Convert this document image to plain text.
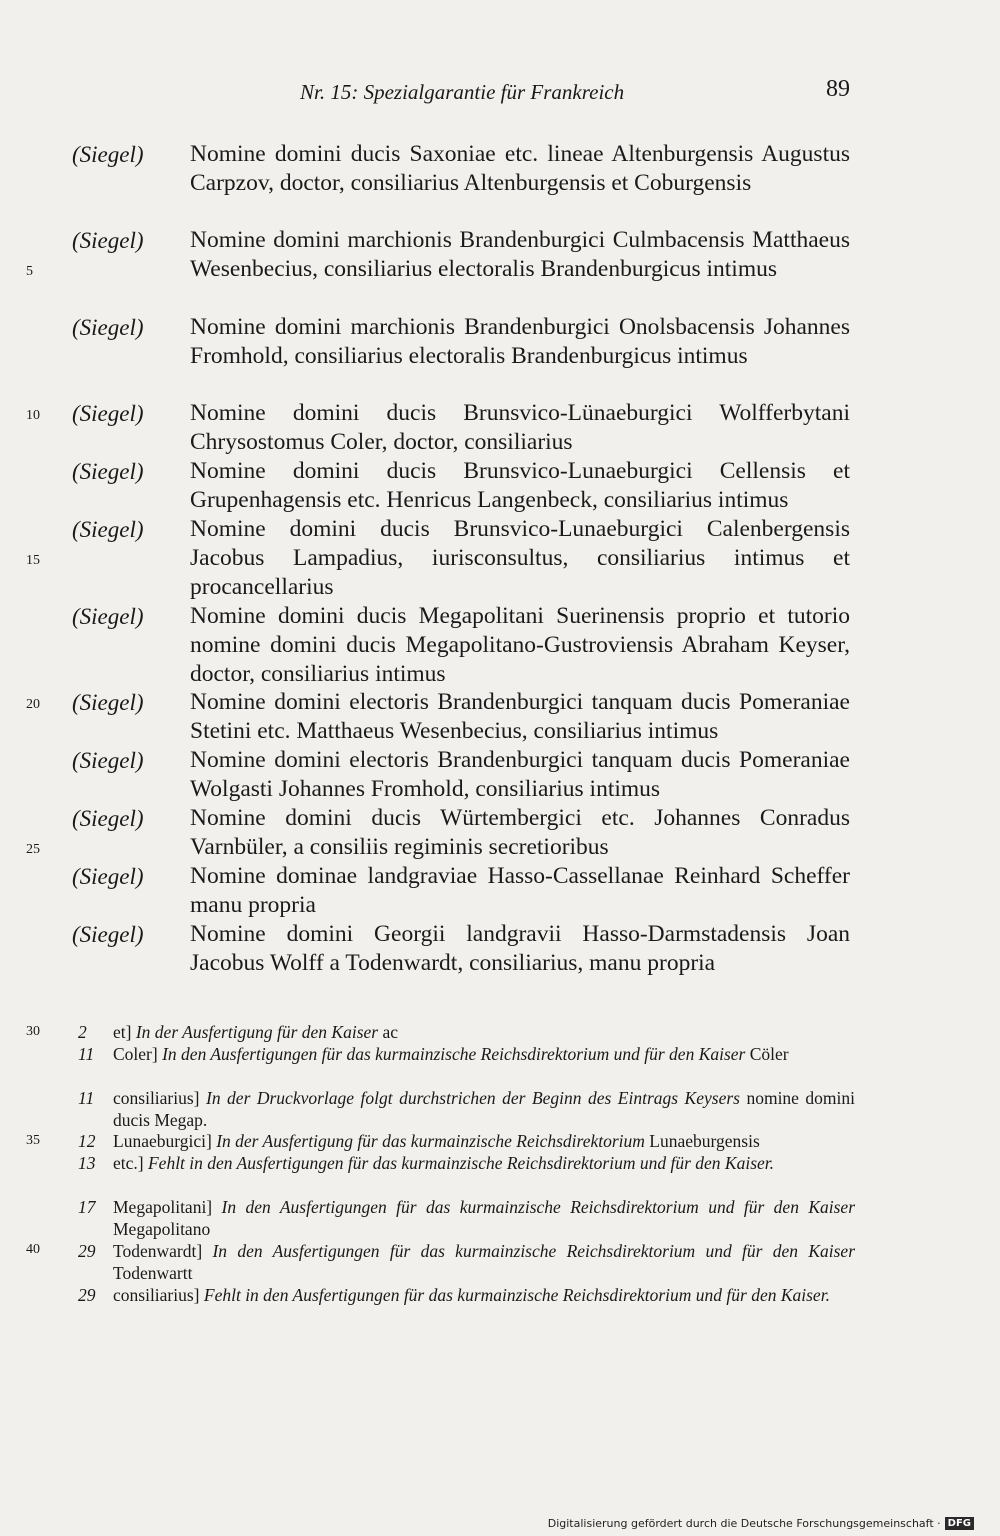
Nr. 15: Spezialgarantie für Frankreich	89
(Siegel) Nomine domini ducis Saxoniae etc. lineae Altenburgensis Augustus Carpzov, doctor, consiliarius Altenburgensis et Coburgensis
(Siegel) Nomine domini marchionis Brandenburgici Culmbacensis Matthaeus Wesenbecius, consiliarius electoralis Brandenburgicus intimus
(Siegel) Nomine domini marchionis Brandenburgici Onolsbacensis Johannes Fromhold, consiliarius electoralis Brandenburgicus intimus
(Siegel) Nomine domini ducis Brunsvico-Lünaeburgici Wolfferbytani Chrysostomus Coler, doctor, consiliarius
(Siegel) Nomine domini ducis Brunsvico-Lunaeburgici Cellensis et Grupenhagensis etc. Henricus Langenbeck, consiliarius intimus
(Siegel) Nomine domini ducis Brunsvico-Lunaeburgici Calenbergensis Jacobus Lampadius, iurisconsultus, consiliarius intimus et procancellarius
(Siegel) Nomine domini ducis Megapolitani Suerinensis proprio et tutorio nomine domini ducis Megapolitano-Gustroviensis Abraham Keyser, doctor, consiliarius intimus
(Siegel) Nomine domini electoris Brandenburgici tanquam ducis Pomeraniae Stetini etc. Matthaeus Wesenbecius, consiliarius intimus
(Siegel) Nomine domini electoris Brandenburgici tanquam ducis Pomeraniae Wolgasti Johannes Fromhold, consiliarius intimus
(Siegel) Nomine domini ducis Würtembergici etc. Johannes Conradus Varnbüler, a consiliis regiminis secretioribus
(Siegel) Nomine dominae landgraviae Hasso-Cassellanae Reinhard Scheffer manu propria
(Siegel) Nomine domini Georgii landgravii Hasso-Darmstadensis Joan Jacobus Wolff a Todenwardt, consiliarius, manu propria
5
10
15
20
25
30
35
40
2	et] In der Ausfertigung für den Kaiser ac
11	Coler] In den Ausfertigungen für das kurmainzische Reichsdirektorium und für den Kaiser Cöler
11	consiliarius] In der Druckvorlage folgt durchstrichen der Beginn des Eintrags Keysers nomine domini ducis Megap.
12	Lunaeburgici] In der Ausfertigung für das kurmainzische Reichsdirektorium Lunaeburgensis
13	etc.] Fehlt in den Ausfertigungen für das kurmainzische Reichsdirektorium und für den Kaiser.
17	Megapolitani] In den Ausfertigungen für das kurmainzische Reichsdirektorium und für den Kaiser Megapolitano
29	Todenwardt] In den Ausfertigungen für das kurmainzische Reichsdirektorium und für den Kaiser Todenwartt
29	consiliarius] Fehlt in den Ausfertigungen für das kurmainzische Reichsdirektorium und für den Kaiser.
Digitalisierung gefördert durch die Deutsche Forschungsgemeinschaft · DFG
